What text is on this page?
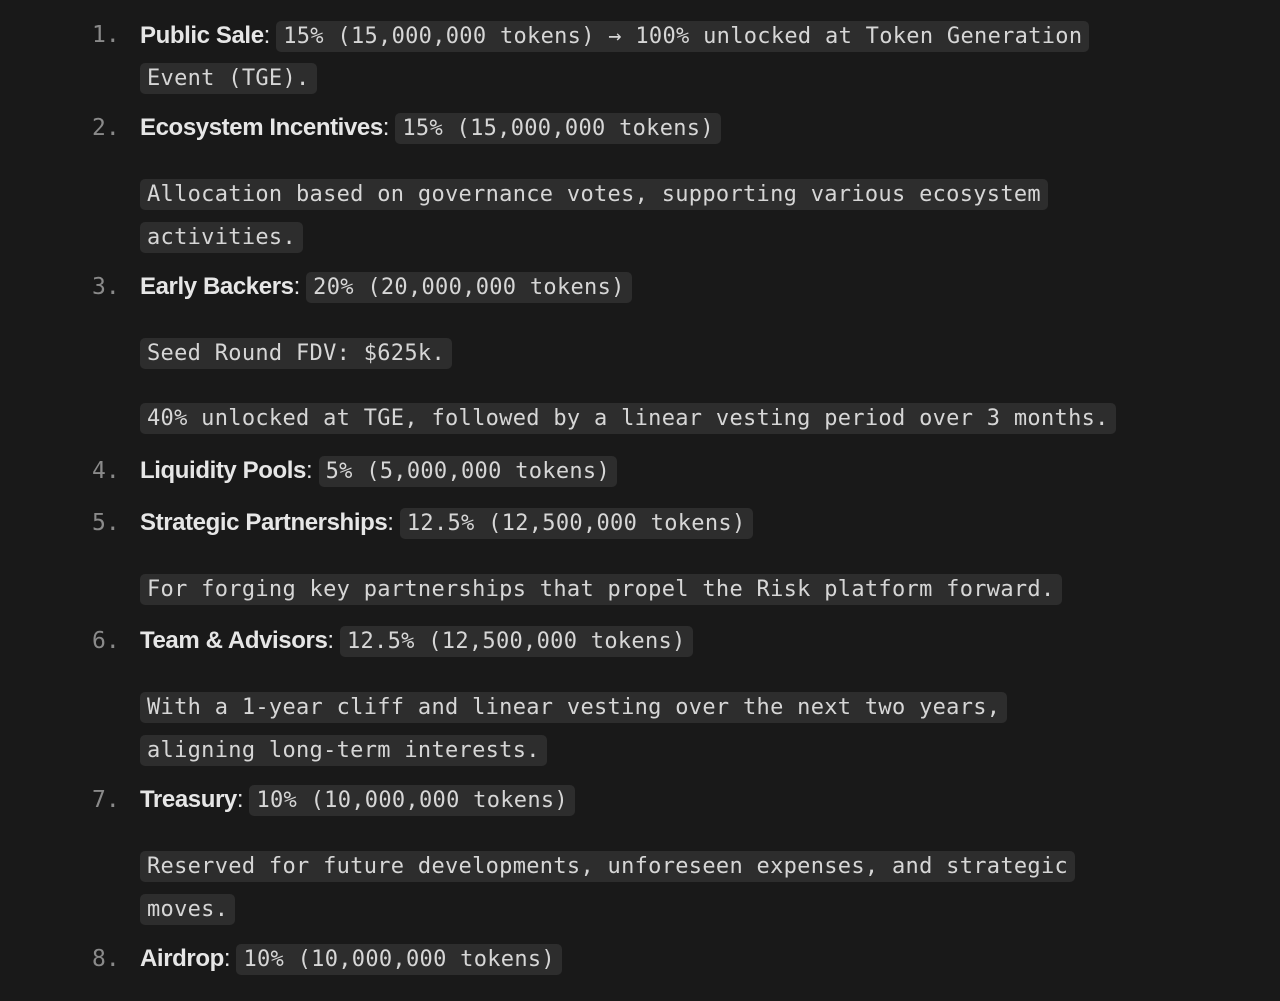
1. Public Sale: 15% (15,000,000 tokens) → 100% unlocked at Token Generation Event (TGE).
2. Ecosystem Incentives: 15% (15,000,000 tokens)
Allocation based on governance votes, supporting various ecosystem activities.
3. Early Backers: 20% (20,000,000 tokens)
Seed Round FDV: $625k.
40% unlocked at TGE, followed by a linear vesting period over 3 months.
4. Liquidity Pools: 5% (5,000,000 tokens)
5. Strategic Partnerships: 12.5% (12,500,000 tokens)
For forging key partnerships that propel the Risk platform forward.
6. Team & Advisors: 12.5% (12,500,000 tokens)
With a 1-year cliff and linear vesting over the next two years, aligning long-term interests.
7. Treasury: 10% (10,000,000 tokens)
Reserved for future developments, unforeseen expenses, and strategic moves.
8. Airdrop: 10% (10,000,000 tokens)
